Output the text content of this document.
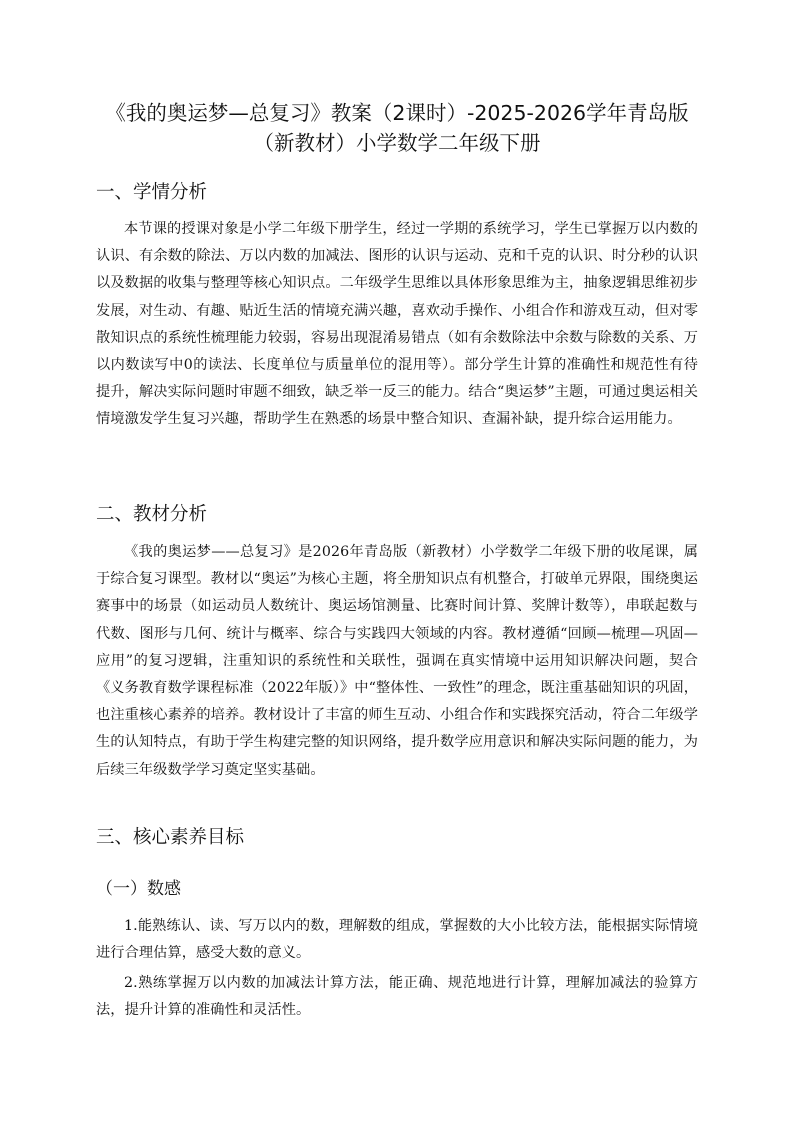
《我的奥运梦—总复习》教案（2课时）-2025-2026学年青岛版
（新教材）小学数学二年级下册
一、学情分析

本节课的授课对象是小学二年级下册学生，经过一学期的系统学习，学生已掌握万以内数的认识、有余数的除法、万以内数的加减法、图形的认识与运动、克和千克的认识、时分秒的认识以及数据的收集与整理等核心知识点。二年级学生思维以具体形象思维为主，抽象逻辑思维初步发展，对生动、有趣、贴近生活的情境充满兴趣，喜欢动手操作、小组合作和游戏互动，但对零散知识点的系统性梳理能力较弱，容易出现混淆易错点（如有余数除法中余数与除数的关系、万以内数读写中0的读法、长度单位与质量单位的混用等）。部分学生计算的准确性和规范性有待提升，解决实际问题时审题不细致，缺乏举一反三的能力。结合“奥运梦”主题，可通过奥运相关情境激发学生复习兴趣，帮助学生在熟悉的场景中整合知识、查漏补缺，提升综合运用能力。

二、教材分析

《我的奥运梦——总复习》是2026年青岛版（新教材）小学数学二年级下册的收尾课，属于综合复习课型。教材以“奥运”为核心主题，将全册知识点有机整合，打破单元界限，围绕奥运赛事中的场景（如运动员人数统计、奥运场馆测量、比赛时间计算、奖牌计数等），串联起数与代数、图形与几何、统计与概率、综合与实践四大领域的内容。教材遵循“回顾—梳理—巩固—应用”的复习逻辑，注重知识的系统性和关联性，强调在真实情境中运用知识解决问题，契合《义务教育数学课程标准（2022年版）》中“整体性、一致性”的理念，既注重基础知识的巩固，也注重核心素养的培养。教材设计了丰富的师生互动、小组合作和实践探究活动，符合二年级学生的认知特点，有助于学生构建完整的知识网络，提升数学应用意识和解决实际问题的能力，为后续三年级数学学习奠定坚实基础。

三、核心素养目标
（一）数感

1.能熟练认、读、写万以内的数，理解数的组成，掌握数的大小比较方法，能根据实际情境进行合理估算，感受大数的意义。

2.熟练掌握万以内数的加减法计算方法，能正确、规范地进行计算，理解加减法的验算方法，提升计算的准确性和灵活性。
